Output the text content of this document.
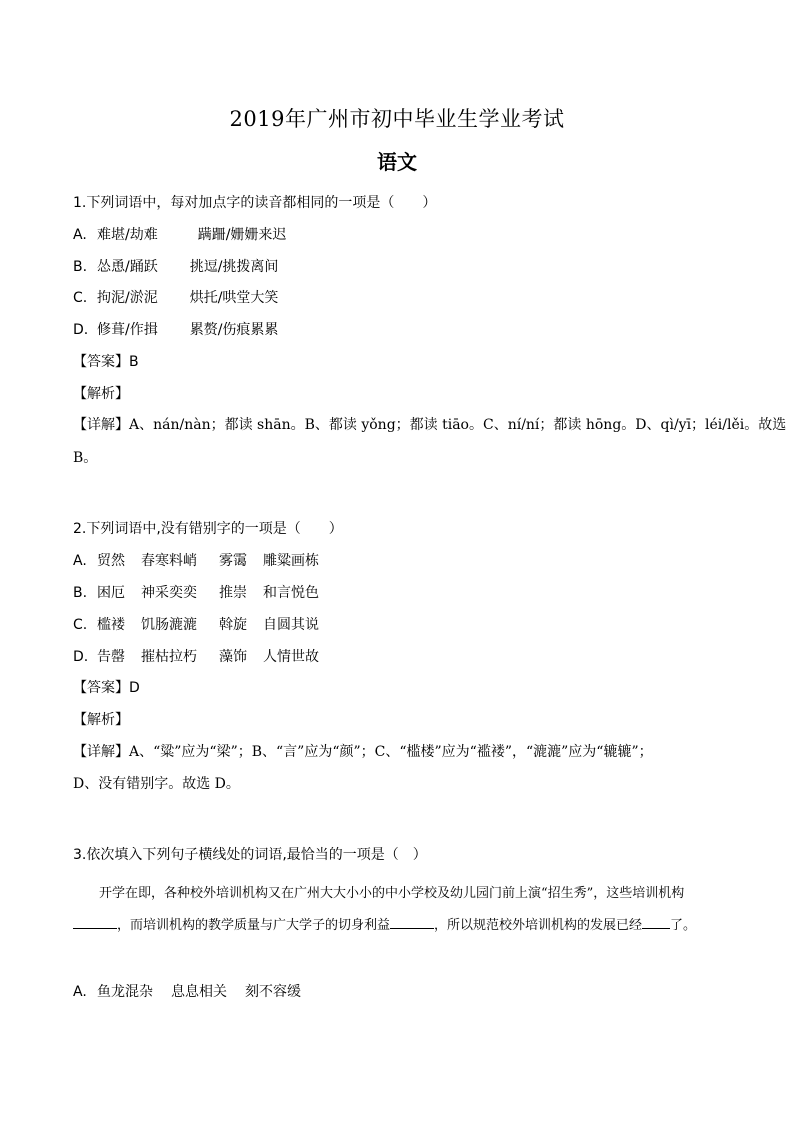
2019年广州市初中毕业生学业考试
语文
1.下列词语中，每对加点字的读音都相同的一项是（　　）
A. 难堪/劫难	蹒跚/姗姗来迟
B. 怂恿/踊跃 挑逗/挑拨离间
C. 拘泥/淤泥 烘托/哄堂大笑
D. 修葺/作揖 累赘/伤痕累累
【答案】B
【解析】
【详解】A、nán/nàn；都读 shān。B、都读 yǒng；都读 tiāo。C、ní/ní；都读 hōng。D、qì/yī；léi/lěi。故选
B。
2.下列词语中,没有错别字的一项是（　　）
A. 贸然 春寒料峭 雾霭 雕粱画栋
B. 困厄 神采奕奕 推崇 和言悦色
C. 槛褛 饥肠漉漉 斡旋 自圆其说
D. 告罄 摧枯拉朽 藻饰 人情世故
【答案】D
【解析】
【详解】A、“粱”应为“梁”；B、“言”应为“颜”；C、“槛楼”应为“褴褛”，“漉漉”应为“辘辘”；
D、没有错别字。故选 D。
3.依次填入下列句子横线处的词语,最恰当的一项是（　）
开学在即，各种校外培训机构又在广州大大小小的中小学校及幼儿园门前上演“招生秀”，这些培训机构，而培训机构的教学质量与广大学子的切身利益	，所以规范校外培训机构的发展已经 了。
A. 鱼龙混杂 息息相关 刻不容缓
